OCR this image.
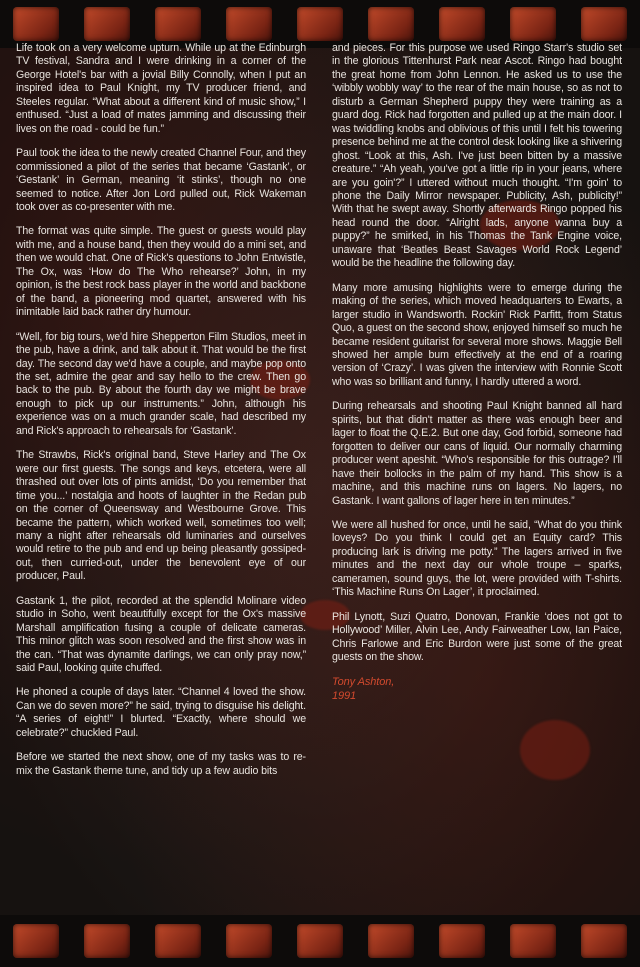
Life took on a very welcome upturn. While up at the Edinburgh TV festival, Sandra and I were drinking in a corner of the George Hotel's bar with a jovial Billy Connolly, when I put an inspired idea to Paul Knight, my TV producer friend, and Steeles regular. “What about a different kind of music show,” I enthused. “Just a load of mates jamming and discussing their lives on the road - could be fun.”

Paul took the idea to the newly created Channel Four, and they commissioned a pilot of the series that became ‘Gastank’, or ‘Gestank’ in German, meaning ‘it stinks’, though no one seemed to notice. After Jon Lord pulled out, Rick Wakeman took over as co-presenter with me.

The format was quite simple. The guest or guests would play with me, and a house band, then they would do a mini set, and then we would chat. One of Rick's questions to John Entwistle, The Ox, was ‘How do The Who rehearse?’ John, in my opinion, is the best rock bass player in the world and backbone of the band, a pioneering mod quartet, answered with his inimitable laid back rather dry humour.

“Well, for big tours, we'd hire Shepperton Film Studios, meet in the pub, have a drink, and talk about it. That would be the first day. The second day we'd have a couple, and maybe pop onto the set, admire the gear and say hello to the crew. Then go back to the pub. By about the fourth day we might be brave enough to pick up our instruments.” John, although his experience was on a much grander scale, had described my and Rick's approach to rehearsals for ‘Gastank’.

The Strawbs, Rick's original band, Steve Harley and The Ox were our first guests. The songs and keys, etcetera, were all thrashed out over lots of pints amidst, ‘Do you remember that time you...’ nostalgia and hoots of laughter in the Redan pub on the corner of Queensway and Westbourne Grove. This became the pattern, which worked well, sometimes too well; many a night after rehearsals old luminaries and ourselves would retire to the pub and end up being pleasantly gossiped-out, then curried-out, under the benevolent eye of our producer, Paul.

Gastank 1, the pilot, recorded at the splendid Molinare video studio in Soho, went beautifully except for the Ox's massive Marshall amplification fusing a couple of delicate cameras. This minor glitch was soon resolved and the first show was in the can. “That was dynamite darlings, we can only pray now,” said Paul, looking quite chuffed.

He phoned a couple of days later. “Channel 4 loved the show. Can we do seven more?” he said, trying to disguise his delight. “A series of eight!” I blurted. “Exactly, where should we celebrate?” chuckled Paul.

Before we started the next show, one of my tasks was to re-mix the Gastank theme tune, and tidy up a few audio bits

and pieces. For this purpose we used Ringo Starr's studio set in the glorious Tittenhurst Park near Ascot. Ringo had bought the great home from John Lennon. He asked us to use the ‘wibbly wobbly way’ to the rear of the main house, so as not to disturb a German Shepherd puppy they were training as a guard dog. Rick had forgotten and pulled up at the main door. I was twiddling knobs and oblivious of this until I felt his towering presence behind me at the control desk looking like a shivering ghost. “Look at this, Ash. I've just been bitten by a massive creature.” “Ah yeah, you've got a little rip in your jeans, where are you goin'?” I uttered without much thought. “I'm goin' to phone the Daily Mirror newspaper. Publicity, Ash, publicity!” With that he swept away. Shortly afterwards Ringo popped his head round the door. “Alright lads, anyone wanna buy a puppy?” he smirked, in his Thomas the Tank Engine voice, unaware that ‘Beatles Beast Savages World Rock Legend’ would be the headline the following day.

Many more amusing highlights were to emerge during the making of the series, which moved headquarters to Ewarts, a larger studio in Wandsworth. Rockin' Rick Parfitt, from Status Quo, a guest on the second show, enjoyed himself so much he became resident guitarist for several more shows. Maggie Bell showed her ample bum effectively at the end of a roaring version of ‘Crazy’. I was given the interview with Ronnie Scott who was so brilliant and funny, I hardly uttered a word.

During rehearsals and shooting Paul Knight banned all hard spirits, but that didn't matter as there was enough beer and lager to float the Q.E.2. But one day, God forbid, someone had forgotten to deliver our cans of liquid. Our normally charming producer went apeshit. “Who's responsible for this outrage? I'll have their bollocks in the palm of my hand. This show is a machine, and this machine runs on lagers. No lagers, no Gastank. I want gallons of lager here in ten minutes.”

We were all hushed for once, until he said, “What do you think loveys? Do you think I could get an Equity card? This producing lark is driving me potty.” The lagers arrived in five minutes and the next day our whole troupe – sparks, cameramen, sound guys, the lot, were provided with T-shirts. ‘This Machine Runs On Lager’, it proclaimed.

Phil Lynott, Suzi Quatro, Donovan, Frankie ‘does not got to Hollywood’ Miller, Alvin Lee, Andy Fairweather Low, Ian Paice, Chris Farlowe and Eric Burdon were just some of the great guests on the show.

Tony Ashton,
1991
